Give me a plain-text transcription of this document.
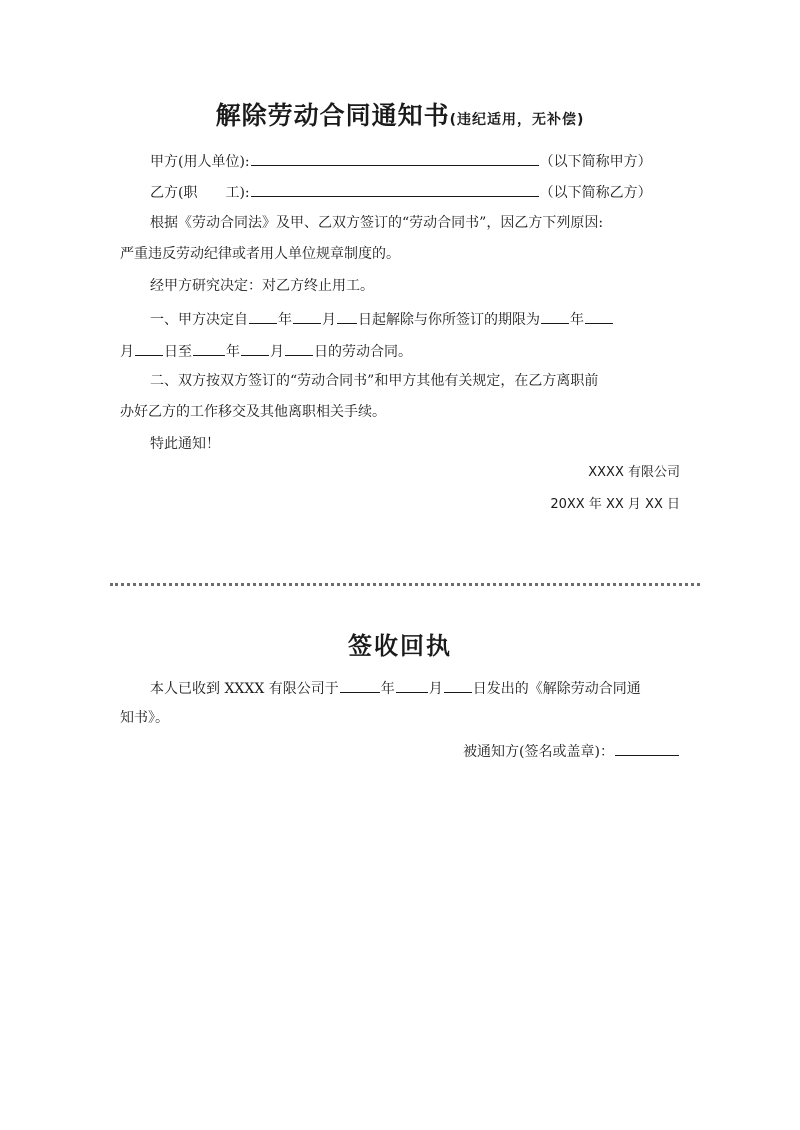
解除劳动合同通知书(违纪适用，无补偿)
甲方(用人单位):	（以下简称甲方）
乙方(职　　工):	（以下简称乙方）
根据《劳动合同法》及甲、乙双方签订的“劳动合同书”，因乙方下列原因:
严重违反劳动纪律或者用人单位规章制度的。
经甲方研究决定：对乙方终止用工。
一、甲方决定自 年 月 日起解除与你所签订的期限为 年
月 日至 年 月 日的劳动合同。
二、双方按双方签订的“劳动合同书”和甲方其他有关规定，在乙方离职前
办好乙方的工作移交及其他离职相关手续。
特此通知！
XXXX 有限公司
20XX 年 XX 月 XX 日
签收回执
本人已收到 XXXX 有限公司于	年 月 日发出的《解除劳动合同通
知书》。
被通知方(签名或盖章)：
